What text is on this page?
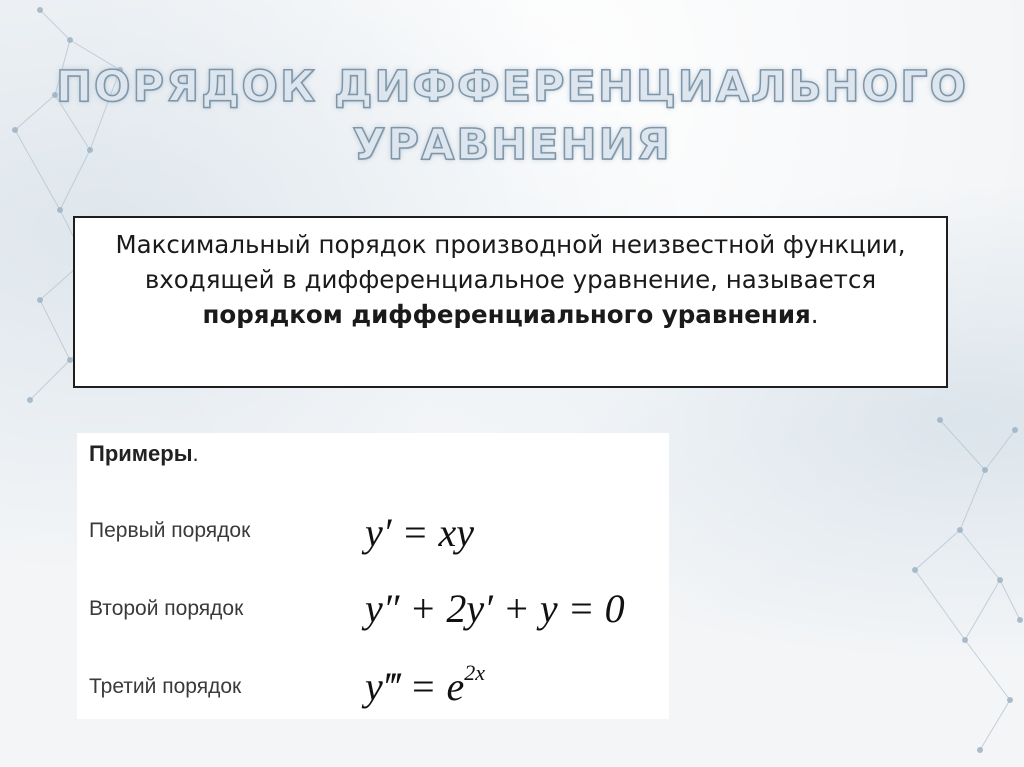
ПОРЯДОК ДИФФЕРЕНЦИАЛЬНОГО УРАВНЕНИЯ
Максимальный порядок производной неизвестной функции, входящей в дифференциальное уравнение, называется порядком дифференциального уравнения.
Примеры.
Первый порядок	y′ = xy
Второй порядок	y″ + 2y′ + y = 0
Третий порядок	y‴ = $e^{2x}$
